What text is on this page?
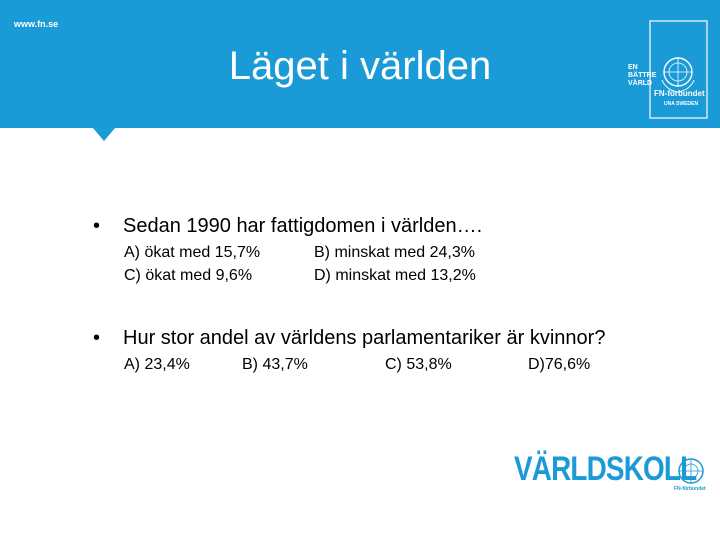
www.fn.se
Läget i världen	EN
BÄTTRE
VÄRLD
FN-förbundet
UNA SWEDEN
• Sedan 1990 har fattigdomen i världen….
A) ökat med 15,7%	B) minskat med 24,3%
C) ökat med 9,6%	D) minskat med 13,2%
• Hur stor andel av världens parlamentariker är kvinnor?
A) 23,4%	B) 43,7%	C) 53,8%	D)76,6%
VÄRLDSKOLL
FN-förbundet
